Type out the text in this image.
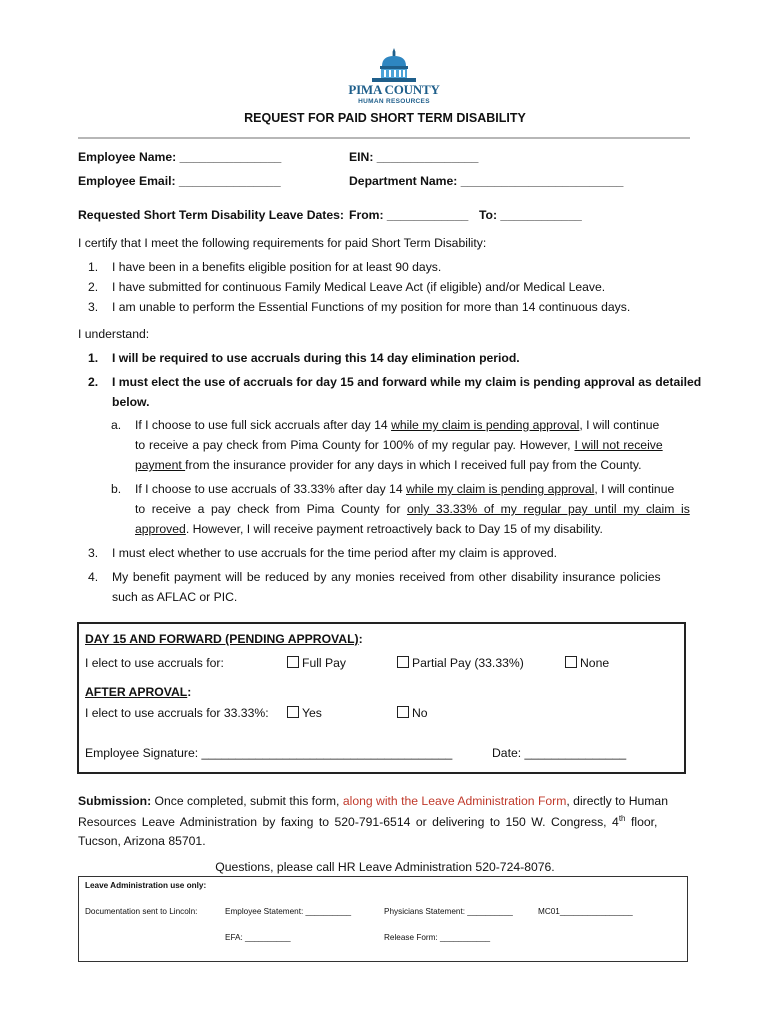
PIMA COUNTY
HUMAN RESOURCES
REQUEST FOR PAID SHORT TERM DISABILITY
Employee Name: _______________	EIN: _______________
Employee Email: _______________	Department Name: ________________________
Requested Short Term Disability Leave Dates: From: ____________ To: ____________
I certify that I meet the following requirements for paid Short Term Disability:
1. I have been in a benefits eligible position for at least 90 days.
2. I have submitted for continuous Family Medical Leave Act (if eligible) and/or Medical Leave.
3. I am unable to perform the Essential Functions of my position for more than 14 continuous days.
I understand:
1. I will be required to use accruals during this 14 day elimination period.
2. I must elect the use of accruals for day 15 and forward while my claim is pending approval as detailed
below.
a. If I choose to use full sick accruals after day 14 while my claim is pending approval, I will continue
to receive a pay check from Pima County for 100% of my regular pay. However, I will not receive
payment from the insurance provider for any days in which I received full pay from the County.
b. If I choose to use accruals of 33.33% after day 14 while my claim is pending approval, I will continue
to receive a pay check from Pima County for only 33.33% of my regular pay until my claim is
approved. However, I will receive payment retroactively back to Day 15 of my disability.
3. I must elect whether to use accruals for the time period after my claim is approved.
4. My benefit payment will be reduced by any monies received from other disability insurance policies
such as AFLAC or PIC.
DAY 15 AND FORWARD (PENDING APPROVAL):
I elect to use accruals for:	Full Pay	Partial Pay (33.33%)	None
AFTER APROVAL:
I elect to use accruals for 33.33%:	Yes	No
Employee Signature: _____________________________________	Date: _______________
Submission: Once completed, submit this form, along with the Leave Administration Form, directly to Human
Resources Leave Administration by faxing to 520-791-6514 or delivering to 150 W. Congress, 4th floor,
Tucson, Arizona 85701.
Questions, please call HR Leave Administration 520-724-8076.
Leave Administration use only:
Documentation sent to Lincoln:	Employee Statement: __________	Physicians Statement: __________	MC01________________
EFA: __________	Release Form: ___________
